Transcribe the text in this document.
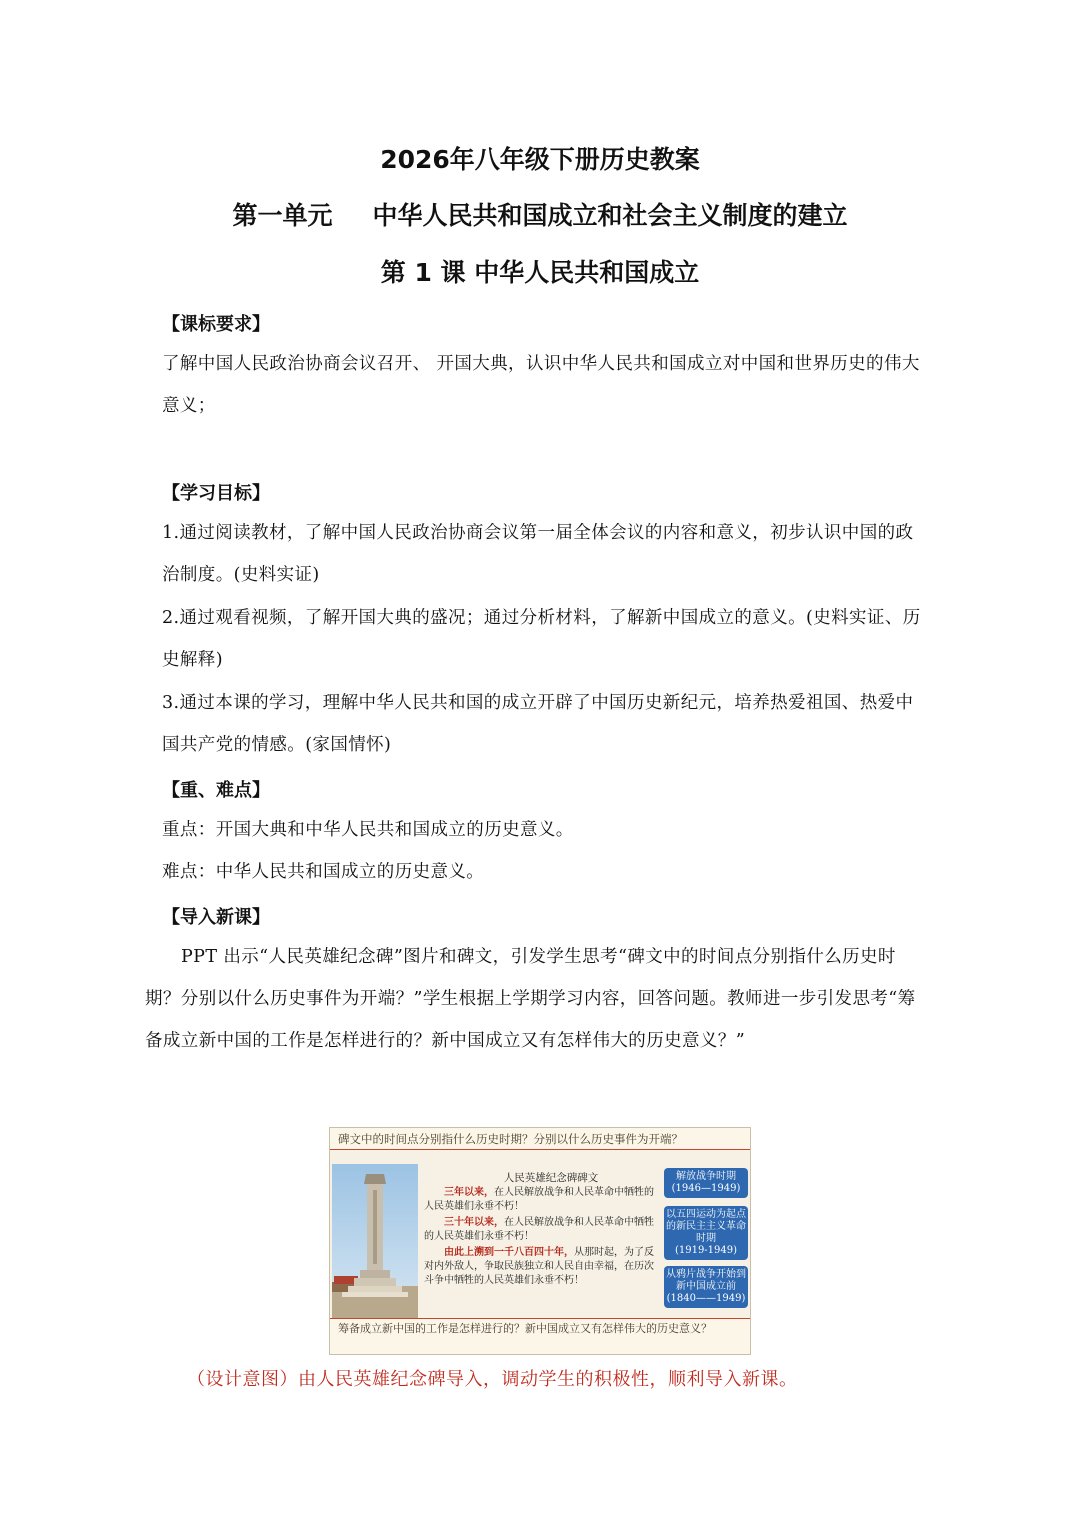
2026年八年级下册历史教案
第一单元 中华人民共和国成立和社会主义制度的建立
第 1 课 中华人民共和国成立
【课标要求】
了解中国人民政治协商会议召开、 开国大典，认识中华人民共和国成立对中国和世界历史的伟大意义；
【学习目标】
1.通过阅读教材，了解中国人民政治协商会议第一届全体会议的内容和意义，初步认识中国的政治制度。(史料实证)
2.通过观看视频，了解开国大典的盛况；通过分析材料，了解新中国成立的意义。(史料实证、历史解释)
3.通过本课的学习，理解中华人民共和国的成立开辟了中国历史新纪元，培养热爱祖国、热爱中国共产党的情感。(家国情怀)
【重、难点】
重点：开国大典和中华人民共和国成立的历史意义。
难点：中华人民共和国成立的历史意义。
【导入新课】
PPT 出示“人民英雄纪念碑”图片和碑文，引发学生思考“碑文中的时间点分别指什么历史时期？分别以什么历史事件为开端？”学生根据上学期学习内容，回答问题。教师进一步引发思考“筹备成立新中国的工作是怎样进行的？新中国成立又有怎样伟大的历史意义？”
碑文中的时间点分别指什么历史时期？分别以什么历史事件为开端？
人民英雄纪念碑碑文

三年以来，在人民解放战争和人民革命中牺牲的人民英雄们永垂不朽！

三十年以来，在人民解放战争和人民革命中牺牲的人民英雄们永垂不朽！

由此上溯到一千八百四十年，从那时起，为了反对内外敌人，争取民族独立和人民自由幸福，在历次斗争中牺牲的人民英雄们永垂不朽！

解放战争时期
(1946—1949)
以五四运动为起点的新民主主义革命时期
(1919-1949)
从鸦片战争开始到新中国成立前
(1840——1949)
筹备成立新中国的工作是怎样进行的？新中国成立又有怎样伟大的历史意义？
（设计意图）由人民英雄纪念碑导入，调动学生的积极性，顺利导入新课。
